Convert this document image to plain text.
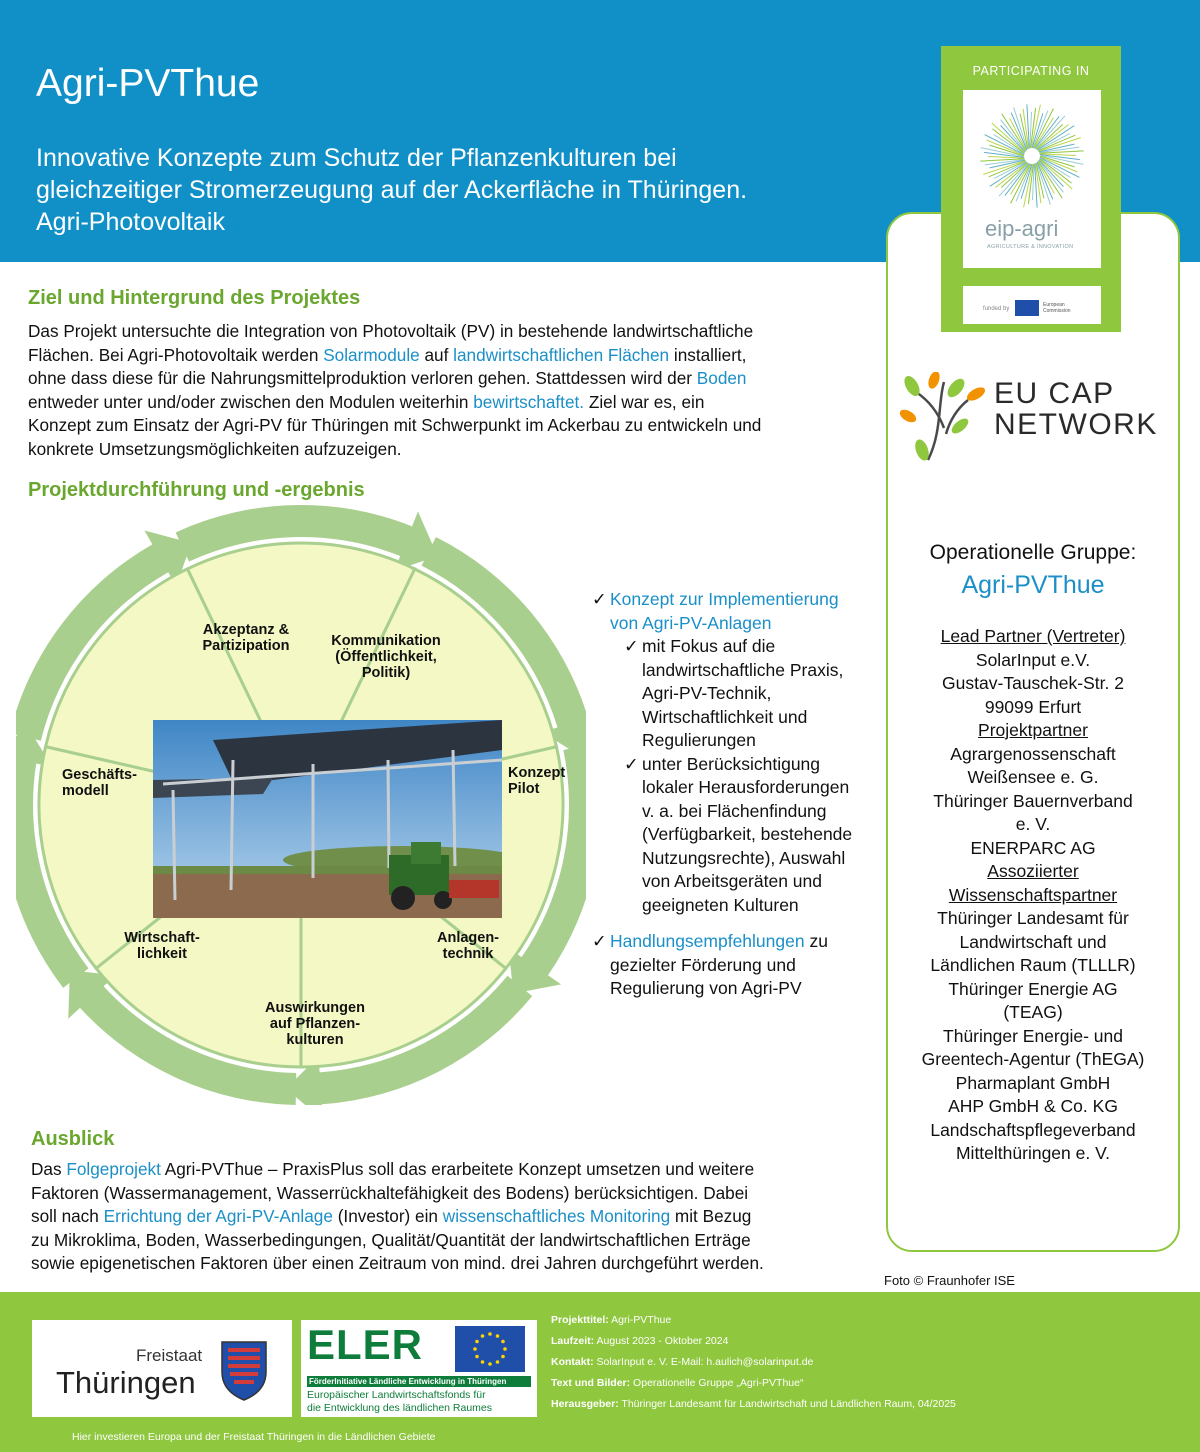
Agri-PVThue
Innovative Konzepte zum Schutz der Pflanzenkulturen bei
gleichzeitiger Stromerzeugung auf der Ackerfläche in Thüringen.
Agri-Photovoltaik
PARTICIPATING IN
eip-agri
AGRICULTURE & INNOVATION
funded by
European Commission
EU CAP
NETWORK
Ziel und Hintergrund des Projektes
Das Projekt untersuchte die Integration von Photovoltaik (PV) in bestehende landwirtschaftliche
Flächen. Bei Agri-Photovoltaik werden Solarmodule auf landwirtschaftlichen Flächen installiert,
ohne dass diese für die Nahrungsmittelproduktion verloren gehen. Stattdessen wird der Boden
entweder unter und/oder zwischen den Modulen weiterhin bewirtschaftet. Ziel war es, ein
Konzept zum Einsatz der Agri-PV für Thüringen mit Schwerpunkt im Ackerbau zu entwickeln und
konkrete Umsetzungsmöglichkeiten aufzuzeigen.
Projektdurchführung und -ergebnis
Akzeptanz &
Partizipation	Kommunikation
(Öffentlichkeit,
Politik)
Konzept
Pilot
Anlagen-
technik
Auswirkungen
auf Pflanzen-
kulturen
Wirtschaft-
lichkeit
Geschäfts-
modell
✓ Konzept zur Implementierung
von Agri-PV-Anlagen
✓ mit Fokus auf die
landwirtschaftliche Praxis,
Agri-PV-Technik,
Wirtschaftlichkeit und
Regulierungen
✓ unter Berücksichtigung
lokaler Herausforderungen
v. a. bei Flächenfindung
(Verfügbarkeit, bestehende
Nutzungsrechte), Auswahl
von Arbeitsgeräten und
geeigneten Kulturen
✓ Handlungsempfehlungen zu
gezielter Förderung und
Regulierung von Agri-PV
Operationelle Gruppe:
Agri-PVThue
Lead Partner (Vertreter)
SolarInput e.V.
Gustav-Tauschek-Str. 2
99099 Erfurt
Projektpartner
Agrargenossenschaft
Weißensee e. G.
Thüringer Bauernverband
e. V.
ENERPARC AG
Assoziierter
Wissenschaftspartner
Thüringer Landesamt für
Landwirtschaft und
Ländlichen Raum (TLLLR)
Thüringer Energie AG
(TEAG)
Thüringer Energie- und
Greentech-Agentur (ThEGA)
Pharmaplant GmbH
AHP GmbH & Co. KG
Landschaftspflegeverband
Mittelthüringen e. V.
Ausblick
Das Folgeprojekt Agri-PVThue – PraxisPlus soll das erarbeitete Konzept umsetzen und weitere
Faktoren (Wassermanagement, Wasserrückhaltefähigkeit des Bodens) berücksichtigen. Dabei
soll nach Errichtung der Agri-PV-Anlage (Investor) ein wissenschaftliches Monitoring mit Bezug
zu Mikroklima, Boden, Wasserbedingungen, Qualität/Quantität der landwirtschaftlichen Erträge
sowie epigenetischen Faktoren über einen Zeitraum von mind. drei Jahren durchgeführt werden.
Foto © Fraunhofer ISE
Freistaat
Thüringen
ELER
FörderInitiative Ländliche Entwicklung in Thüringen
Europäischer Landwirtschaftsfonds für
die Entwicklung des ländlichen Raumes
Projekttitel: Agri-PVThue
Laufzeit: August 2023 - Oktober 2024
Kontakt: SolarInput e. V. E-Mail: h.aulich@solarinput.de
Text und Bilder: Operationelle Gruppe „Agri-PVThue“
Herausgeber: Thüringer Landesamt für Landwirtschaft und Ländlichen Raum, 04/2025
Hier investieren Europa und der Freistaat Thüringen in die Ländlichen Gebiete
